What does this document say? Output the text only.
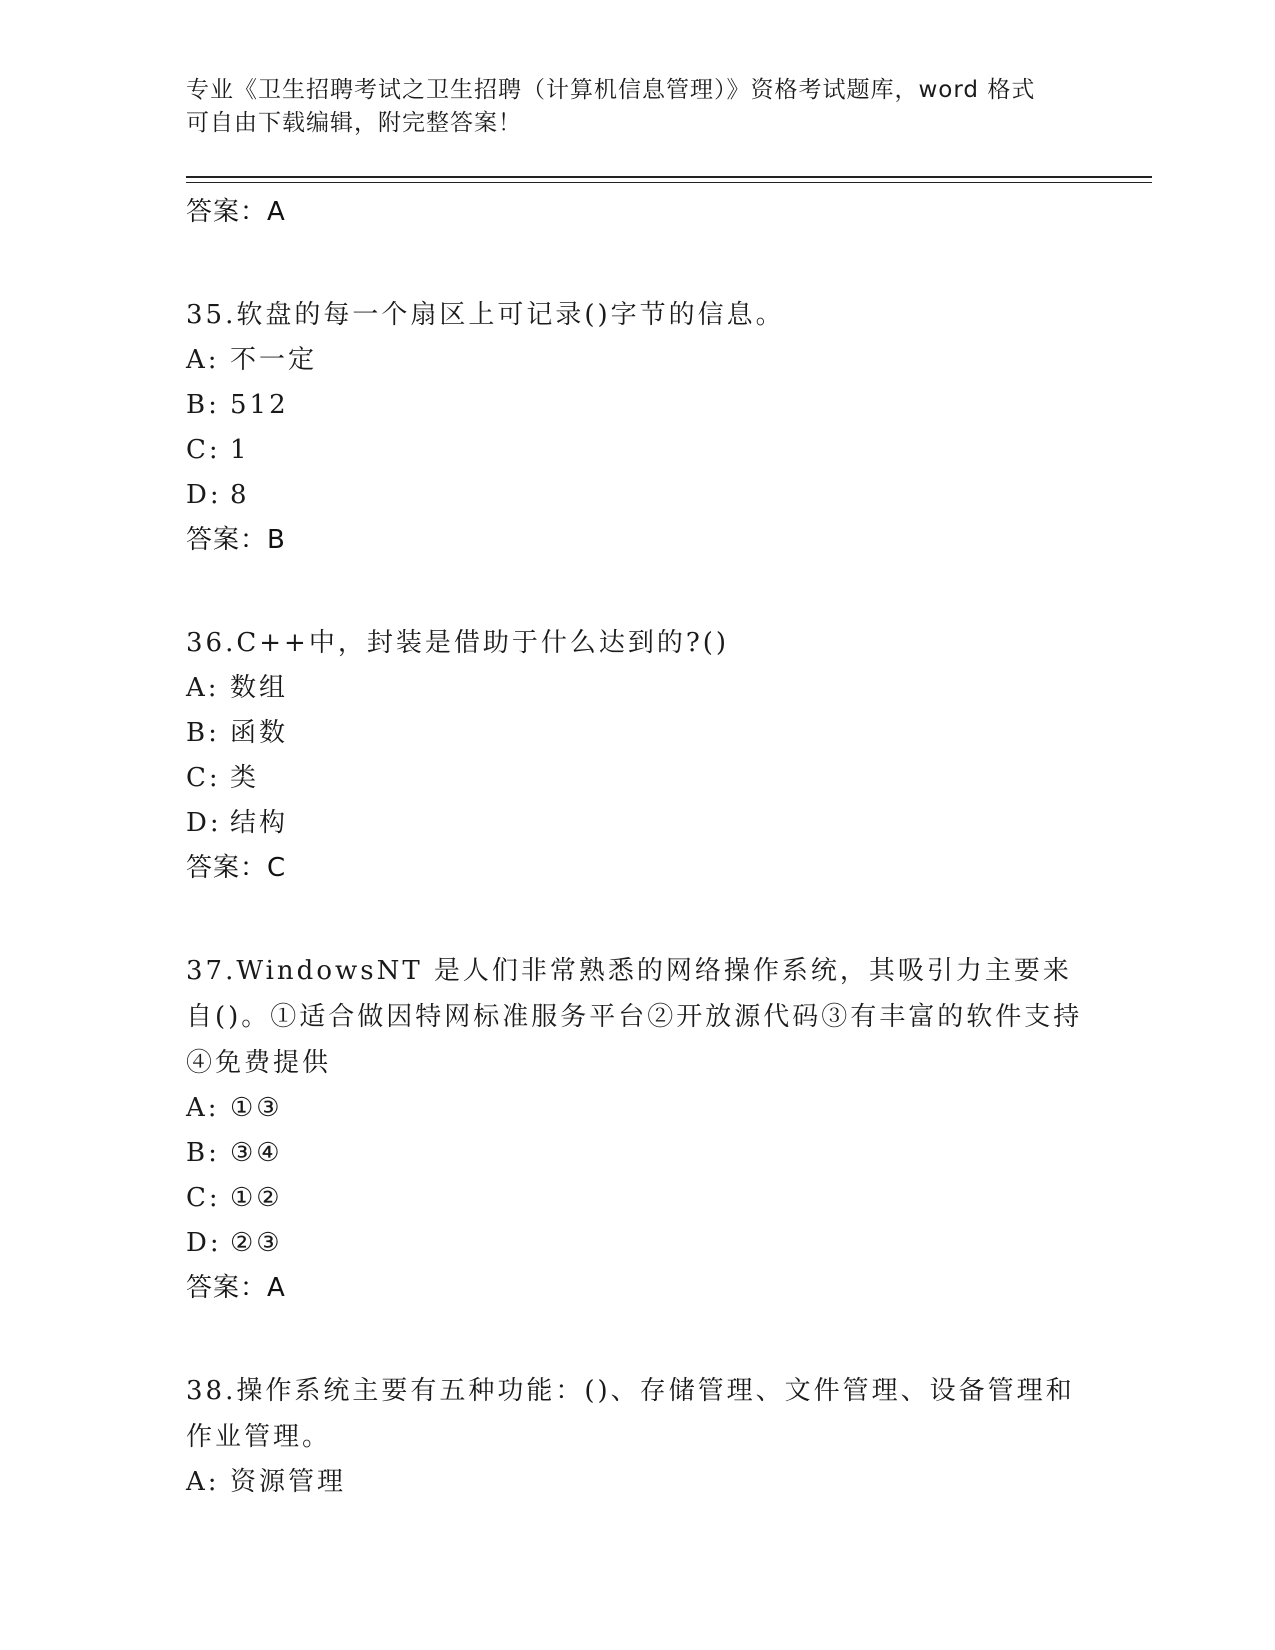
专业《卫生招聘考试之卫生招聘（计算机信息管理）》资格考试题库，word 格式
可自由下载编辑，附完整答案！
答案：A
35.软盘的每一个扇区上可记录()字节的信息。
A: 不一定
B: 512
C: 1
D: 8
答案：B
36.C++中，封装是借助于什么达到的?()
A: 数组
B: 函数
C: 类
D: 结构
答案：C
37.WindowsNT 是人们非常熟悉的网络操作系统，其吸引力主要来自()。①适合做因特网标准服务平台②开放源代码③有丰富的软件支持④免费提供
A: ①③
B: ③④
C: ①②
D: ②③
答案：A
38.操作系统主要有五种功能：()、存储管理、文件管理、设备管理和作业管理。
A: 资源管理
